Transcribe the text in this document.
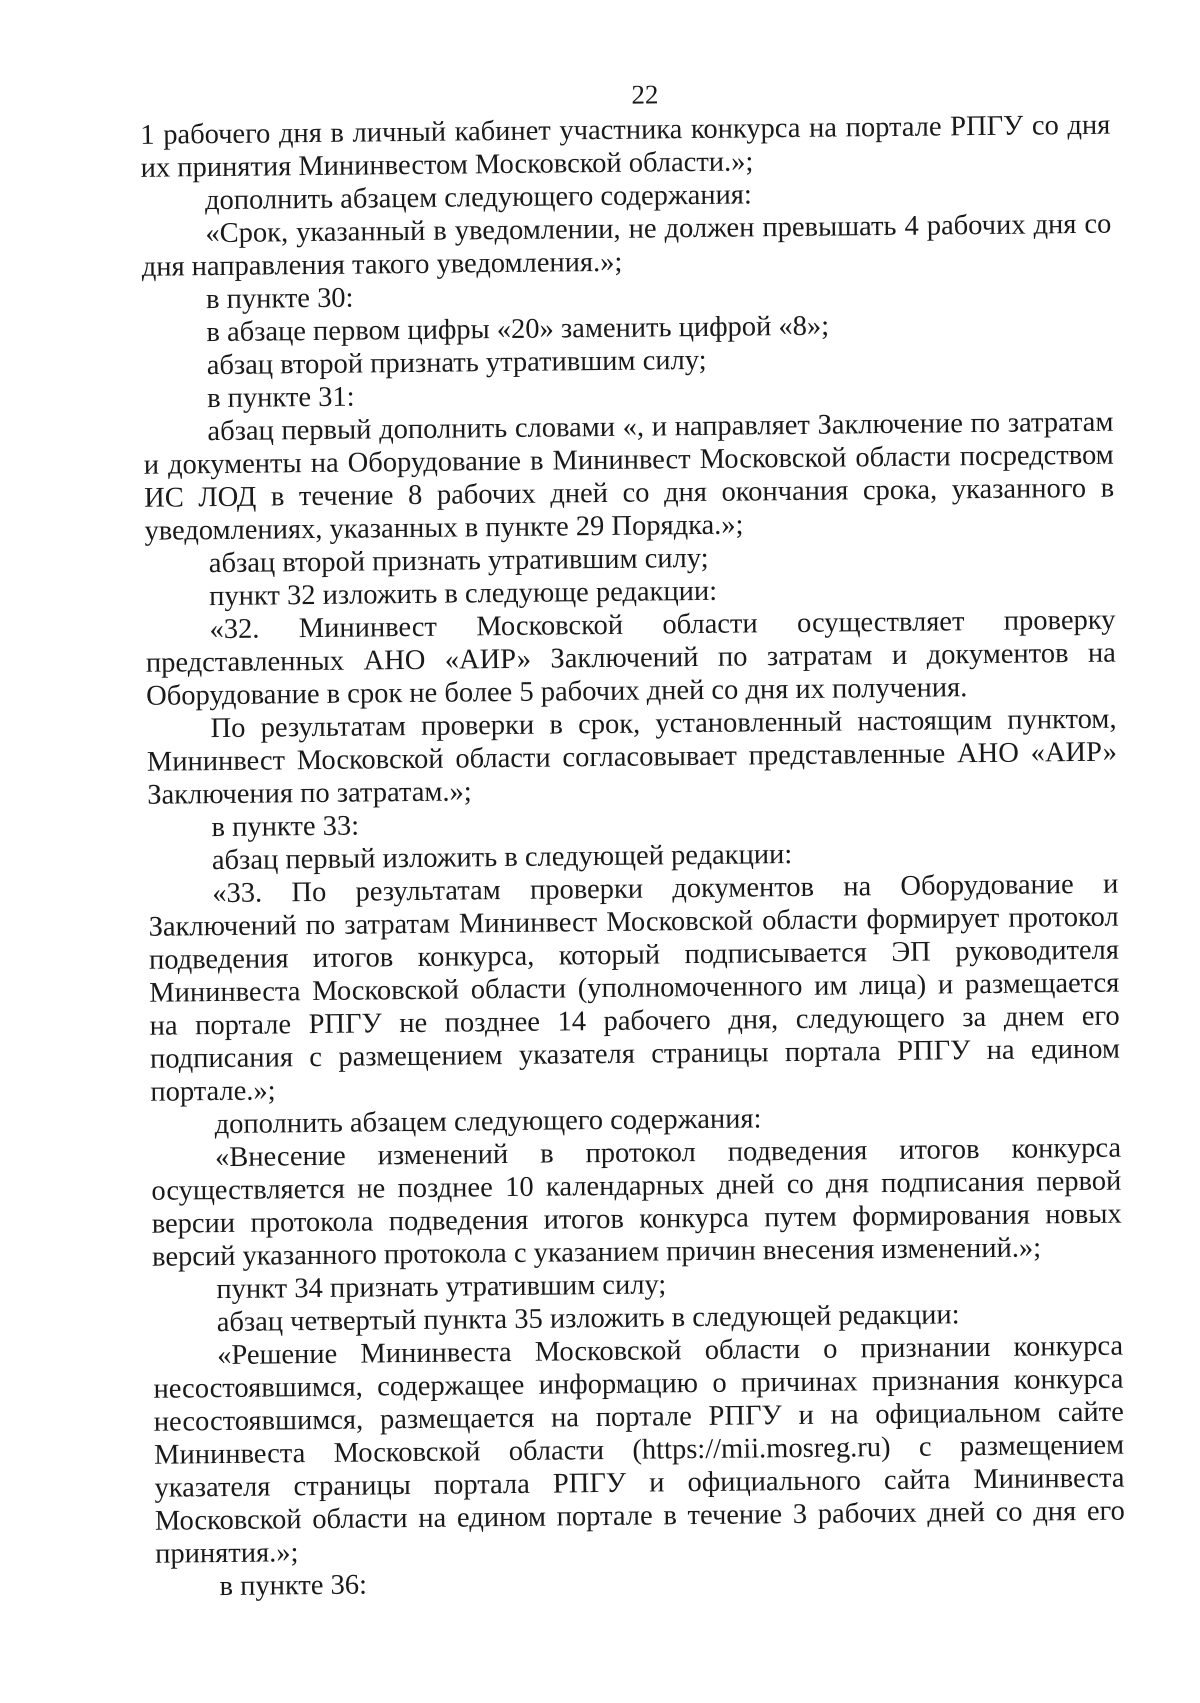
22

1 рабочего дня в личный кабинет участника конкурса на портале РПГУ со дня их принятия Мининвестом Московской области.»;

дополнить абзацем следующего содержания:

«Срок, указанный в уведомлении, не должен превышать 4 рабочих дня со дня направления такого уведомления.»;

в пункте 30:

в абзаце первом цифры «20» заменить цифрой «8»;

абзац второй признать утратившим силу;

в пункте 31:

абзац первый дополнить словами «, и направляет Заключение по затратам и документы на Оборудование в Мининвест Московской области посредством ИС ЛОД в течение 8 рабочих дней со дня окончания срока, указанного в уведомлениях, указанных в пункте 29 Порядка.»;

абзац второй признать утратившим силу;

пункт 32 изложить в следующе редакции:

«32. Мининвест Московской области осуществляет проверку представленных АНО «АИР» Заключений по затратам и документов на Оборудование в срок не более 5 рабочих дней со дня их получения.

По результатам проверки в срок, установленный настоящим пунктом, Мининвест Московской области согласовывает представленные АНО «АИР» Заключения по затратам.»;

в пункте 33:

абзац первый изложить в следующей редакции:

«33. По результатам проверки документов на Оборудование и Заключений по затратам Мининвест Московской области формирует протокол подведения итогов конкурса, который подписывается ЭП руководителя Мининвеста Московской области (уполномоченного им лица) и размещается на портале РПГУ не позднее 14 рабочего дня, следующего за днем его подписания с размещением указателя страницы портала РПГУ на едином портале.»;

дополнить абзацем следующего содержания:

«Внесение изменений в протокол подведения итогов конкурса осуществляется не позднее 10 календарных дней со дня подписания первой версии протокола подведения итогов конкурса путем формирования новых версий указанного протокола с указанием причин внесения изменений.»;

пункт 34 признать утратившим силу;

абзац четвертый пункта 35 изложить в следующей редакции:

«Решение Мининвеста Московской области о признании конкурса несостоявшимся, содержащее информацию о причинах признания конкурса несостоявшимся, размещается на портале РПГУ и на официальном сайте Мининвеста Московской области (https://mii.mosreg.ru) с размещением указателя страницы портала РПГУ и официального сайта Мининвеста Московской области на едином портале в течение 3 рабочих дней со дня его принятия.»;

в пункте 36:
